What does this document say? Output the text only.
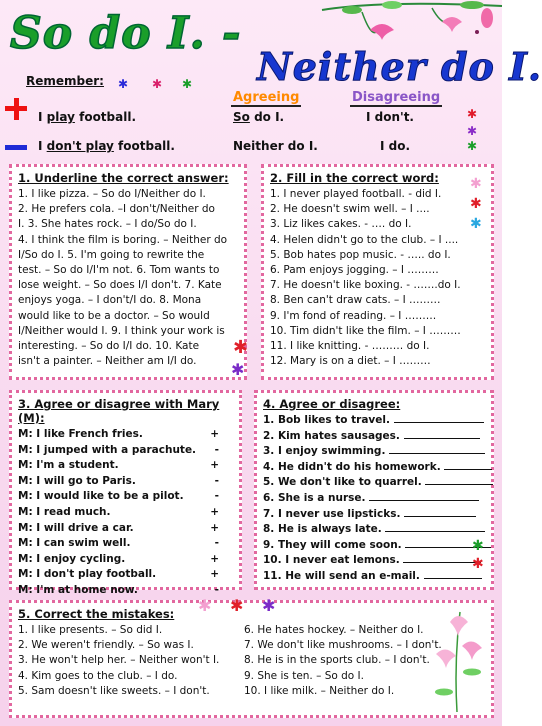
So do I. -
Neither do I.
Remember: ✱ ✱ ✱
Agreeing	Disagreeing
I play football.	So do I.	I don't.	✱
✱
I don't play football.	Neither do I.	I do.	✱
1. Underline the correct answer:
1. I like pizza. – So do I/Neither do I.
2. He prefers cola. –I don't/Neither do
I. 3. She hates rock. – I do/So do I.
4. I think the film is boring. – Neither do
I/So do I. 5. I'm going to rewrite the
test. – So do I/I'm not. 6. Tom wants to
lose weight. – So does I/I don't. 7. Kate
enjoys yoga. – I don't/I do. 8. Mona
would like to be a doctor. – So would
I/Neither would I. 9. I think your work is
interesting. – So do I/I do. 10. Kate
isn't a painter. – Neither am I/I do.
✱
✱
2. Fill in the correct word:
1. I never played football. - did I.
2. He doesn't swim well. – I ....
3. Liz likes cakes. - …. do I.
4. Helen didn't go to the club. – I ....
5. Bob hates pop music. - ….. do I.
6. Pam enjoys jogging. – I ………
7. He doesn't like boxing. - …….do I.
8. Ben can't draw cats. – I ………
9. I'm fond of reading. – I ………
10. Tim didn't like the film. – I ………
11. I like knitting. - ……… do I.
12. Mary is on a diet. – I ………
✱
✱
✱
3. Agree or disagree with Mary (M):
M: I like French fries.	+
M: I jumped with a parachute. -
M: I'm a student.	+
M: I will go to Paris.	-
M: I would like to be a pilot.	-
M: I read much.	+
M: I will drive a car.	+
M: I can swim well.	-
M: I enjoy cycling.	+
M: I don't play football.	+
M: I'm at home now.	-
4. Agree or disagree:
1. Bob likes to travel.
2. Kim hates sausages.
3. I enjoy swimming.
4. He didn't do his homework.
5. We don't like to quarrel.
6. She is a nurse.
7. I never use lipsticks.
8. He is always late.
9. They will come soon.
10. I never eat lemons.
11. He will send an e-mail.
✱
✱
5. Correct the mistakes:
1. I like presents. – So did I.
2. We weren't friendly. – So was I.
3. He won't help her. – Neither won't I.
4. Kim goes to the club. – I do.
5. Sam doesn't like sweets. – I don't.
6. He hates hockey. – Neither do I.
7. We don't like mushrooms. – I don't.
8. He is in the sports club. – I don't.
9. She is ten. – So do I.
10. I like milk. – Neither do I.
✱ ✱ ✱
